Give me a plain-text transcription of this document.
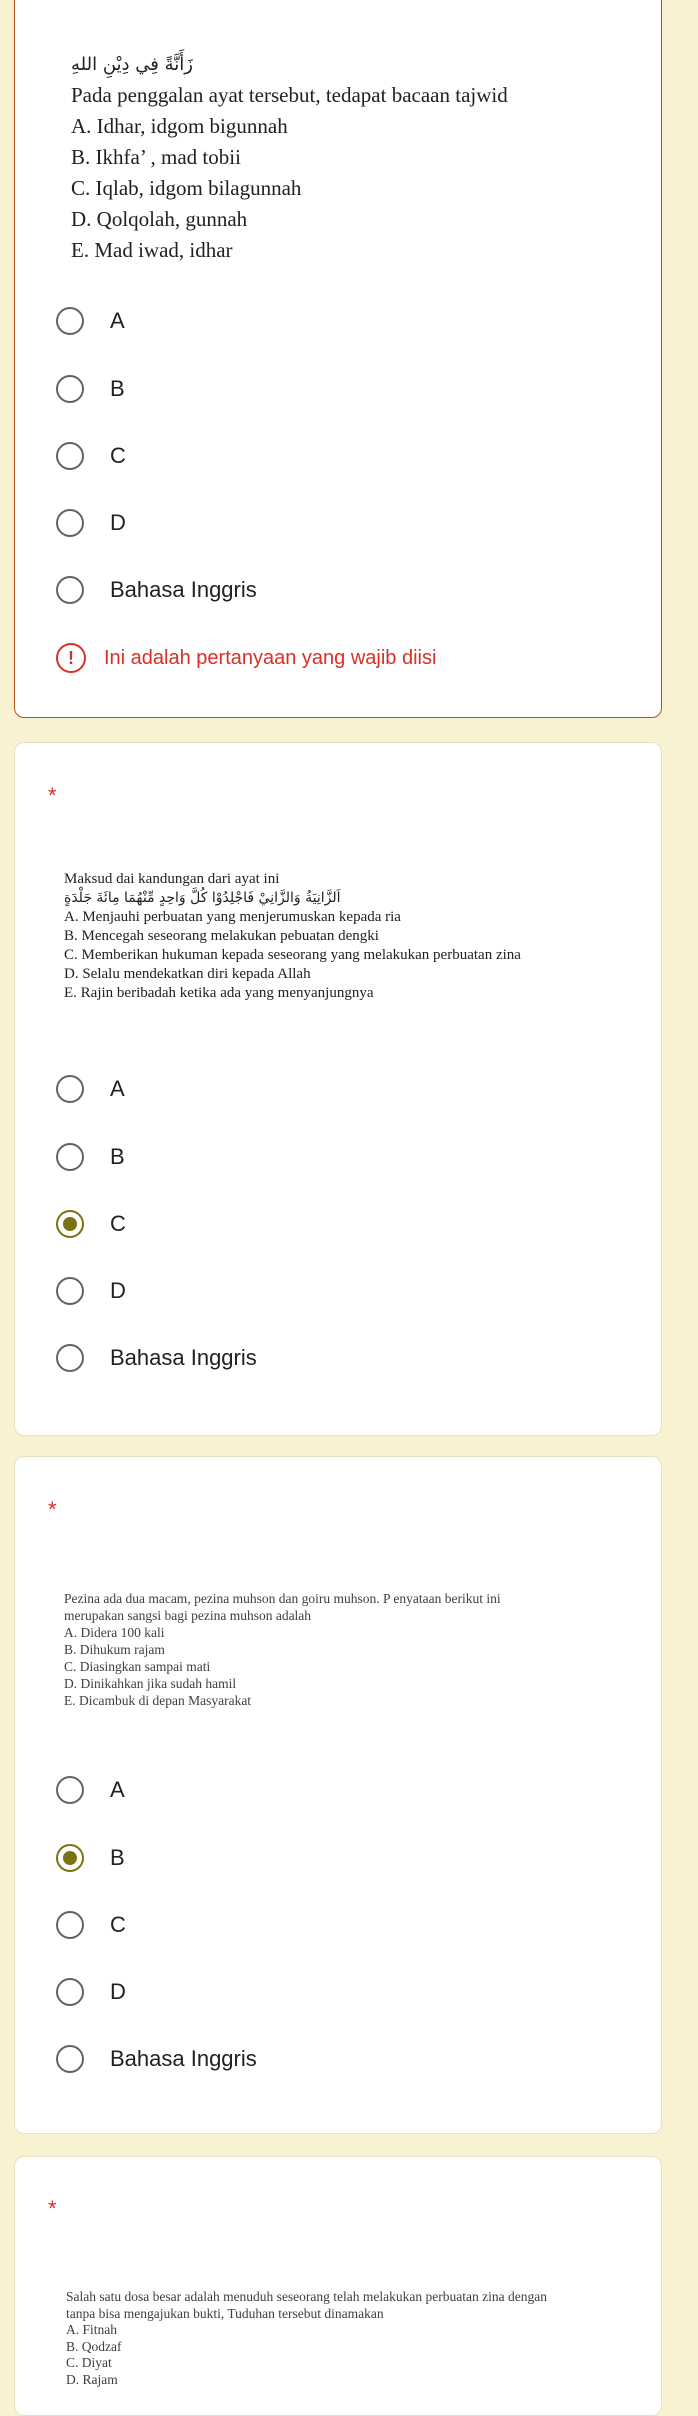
زَأَنَّةً فِي دِيْنِ اللهِ
Pada penggalan ayat tersebut, tedapat bacaan tajwid
A. Idhar, idgom bigunnah
B. Ikhfa’ , mad tobii
C. Iqlab, idgom bilagunnah
D. Qolqolah, gunnah
E. Mad iwad, idhar
A
B
C
D
Bahasa Inggris
!	Ini adalah pertanyaan yang wajib diisi
*
Maksud dai kandungan dari ayat ini
اَلزَّانِيَةُ وَالزَّانِيْ فَاجْلِدُوْا كُلَّ وَاحِدٍ مِّنْهُمَا مِائَةَ جَلْدَةٍ
A. Menjauhi perbuatan yang menjerumuskan kepada ria
B. Mencegah seseorang melakukan pebuatan dengki
C. Memberikan hukuman kepada seseorang yang melakukan perbuatan zina
D. Selalu mendekatkan diri kepada Allah
E. Rajin beribadah ketika ada yang menyanjungnya
A
B
C
D
Bahasa Inggris
*
Pezina ada dua macam, pezina muhson dan goiru muhson. P enyataan berikut ini
merupakan sangsi bagi pezina muhson adalah
A. Didera 100 kali
B. Dihukum rajam
C. Diasingkan sampai mati
D. Dinikahkan jika sudah hamil
E. Dicambuk di depan Masyarakat
A
B
C
D
Bahasa Inggris
*
Salah satu dosa besar adalah menuduh seseorang telah melakukan perbuatan zina dengan
tanpa bisa mengajukan bukti, Tuduhan tersebut dinamakan
A. Fitnah
B. Qodzaf
C. Diyat
D. Rajam
